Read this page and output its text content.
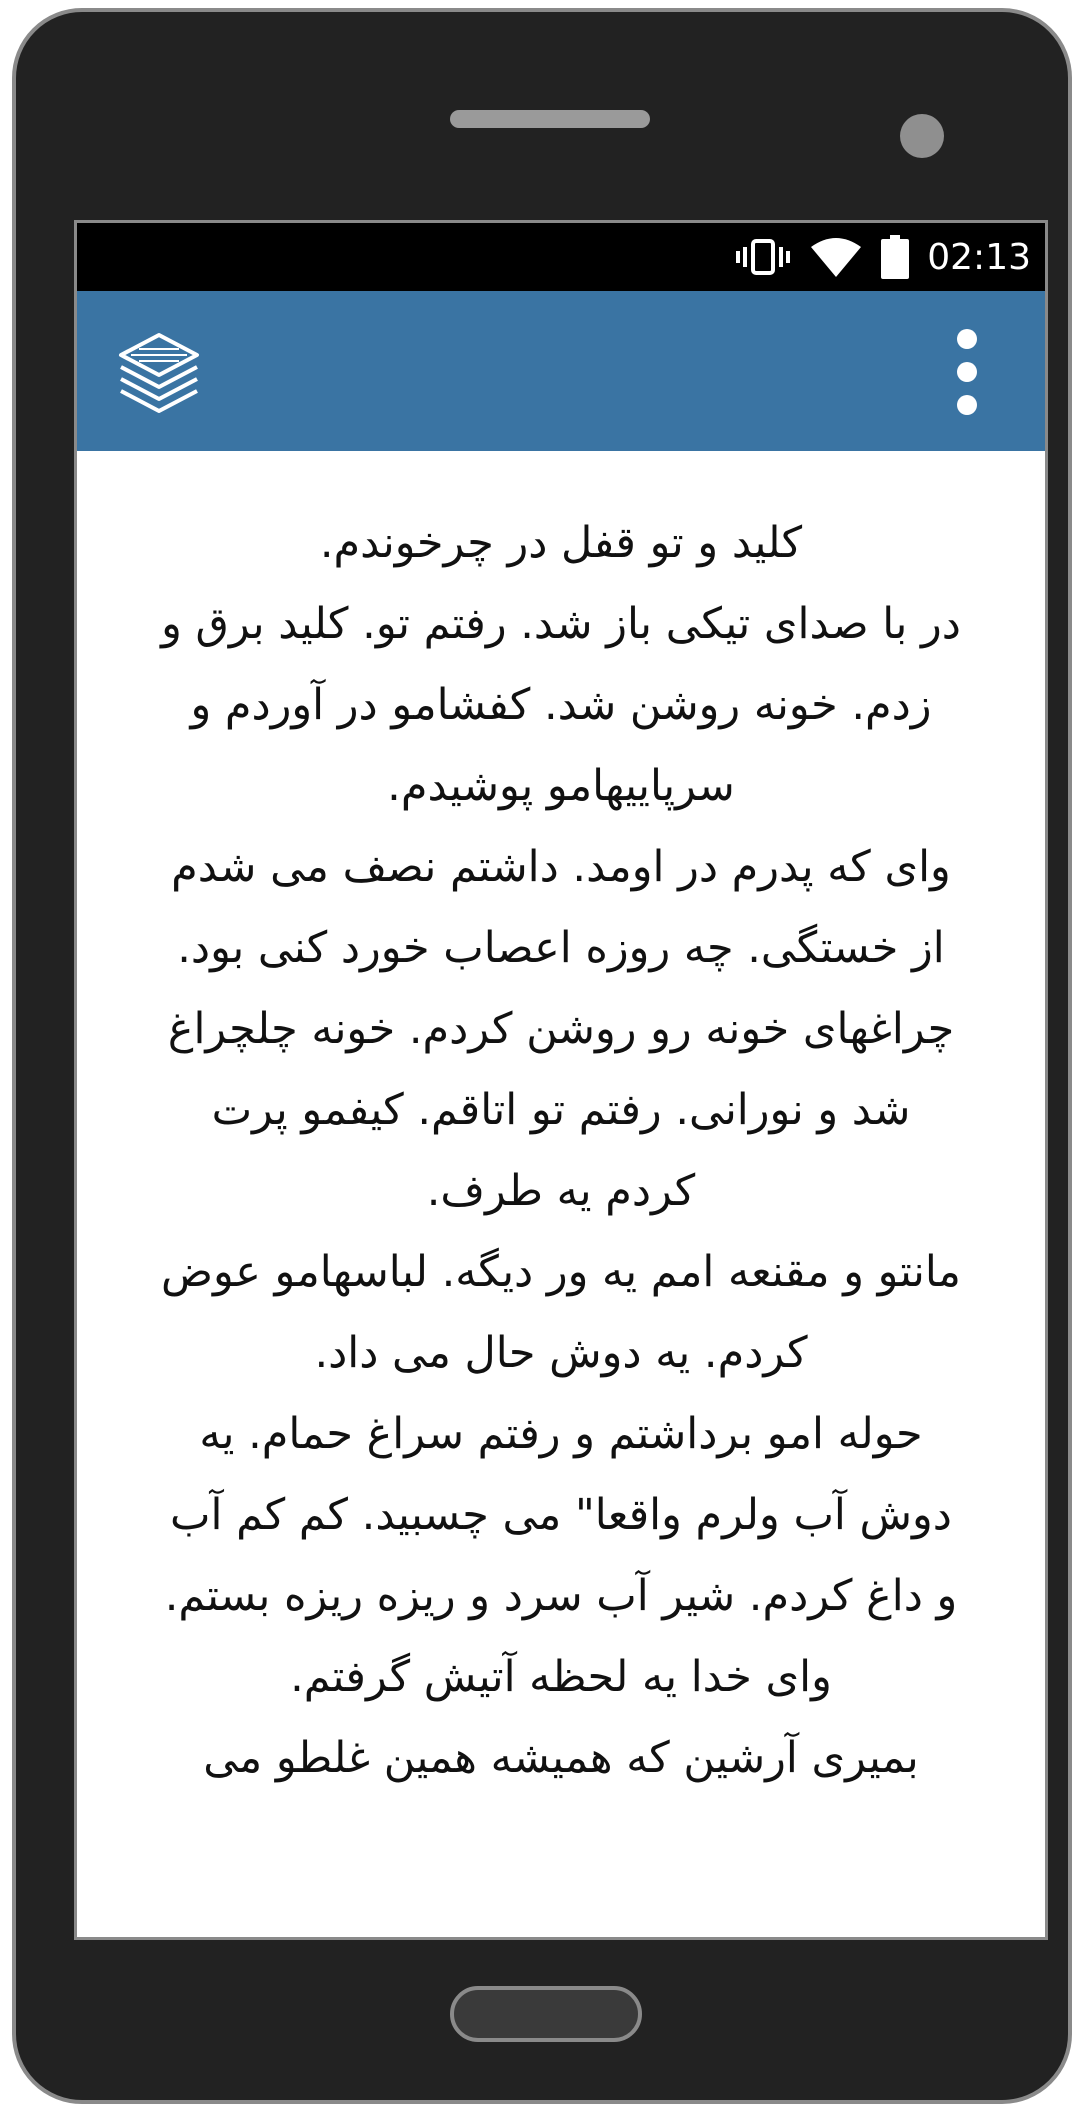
02:13
کلید و تو قفل در چرخوندم.
در با صدای تیکی باز شد. رفتم تو. کلید برق و زدم. خونه روشن شد. کفشامو در آوردم و سرپاییهامو پوشیدم.
وای که پدرم در اومد. داشتم نصف می شدم از خستگی. چه روزه اعصاب خورد کنی بود.
چراغهای خونه رو روشن کردم. خونه چلچراغ شد و نورانی. رفتم تو اتاقم. کیفمو پرت کردم یه طرف.
مانتو و مقنعه امم یه ور دیگه. لباسهامو عوض کردم. یه دوش حال می داد.
حوله امو برداشتم و رفتم سراغ حمام. یه دوش آب ولرم واقعا" می چسبید. کم کم آب و داغ کردم. شیر آب سرد و ریزه ریزه بستم. وای خدا یه لحظه آتیش گرفتم.
بمیری آرشین که همیشه همین غلطو می
